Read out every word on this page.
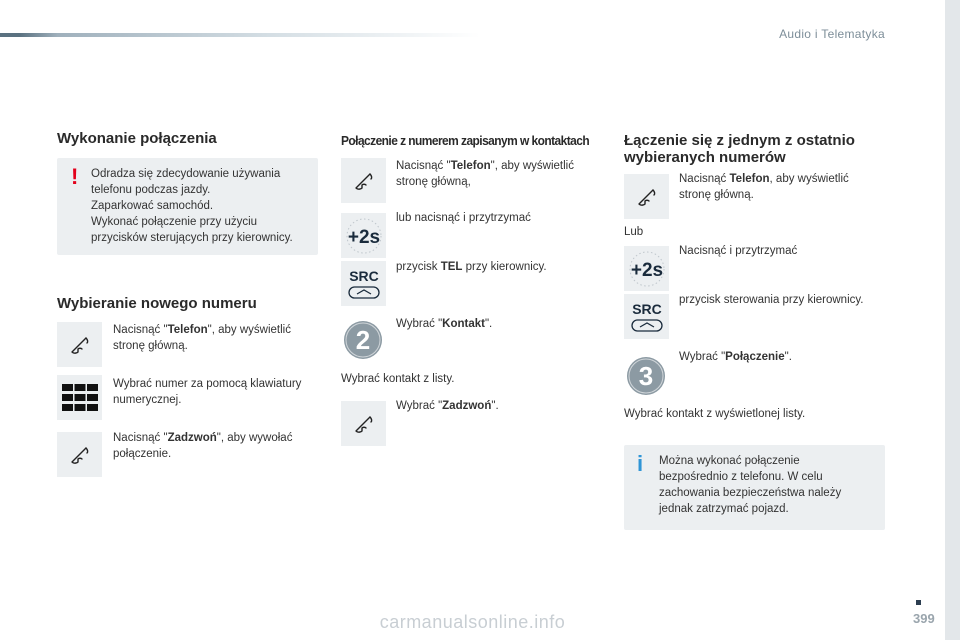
Audio i Telematyka
Wykonanie połączenia
! Odradza się zdecydowanie używania
telefonu podczas jazdy.
Zaparkować samochód.
Wykonać połączenie przy użyciu
przycisków sterujących przy kierownicy.
Wybieranie nowego numeru
Nacisnąć "Telefon", aby wyświetlić
stronę główną.
Wybrać numer za pomocą klawiatury
numerycznej.
Nacisnąć "Zadzwoń", aby wywołać
połączenie.
Połączenie z numerem zapisanym w kontaktach
Nacisnąć "Telefon", aby wyświetlić
stronę główną,
+2s
lub nacisnąć i przytrzymać
SRC
przycisk TEL przy kierownicy.
2
Wybrać "Kontakt".
Wybrać kontakt z listy.
Wybrać "Zadzwoń".
Łączenie się z jednym z ostatnio
wybieranych numerów
Nacisnąć Telefon, aby wyświetlić
stronę główną.
Lub
+2s
Nacisnąć i przytrzymać
SRC
przycisk sterowania przy kierownicy.
3
Wybrać "Połączenie".
Wybrać kontakt z wyświetlonej listy.
i Można wykonać połączenie
bezpośrednio z telefonu. W celu
zachowania bezpieczeństwa należy
jednak zatrzymać pojazd.
399
carmanualsonline.info
